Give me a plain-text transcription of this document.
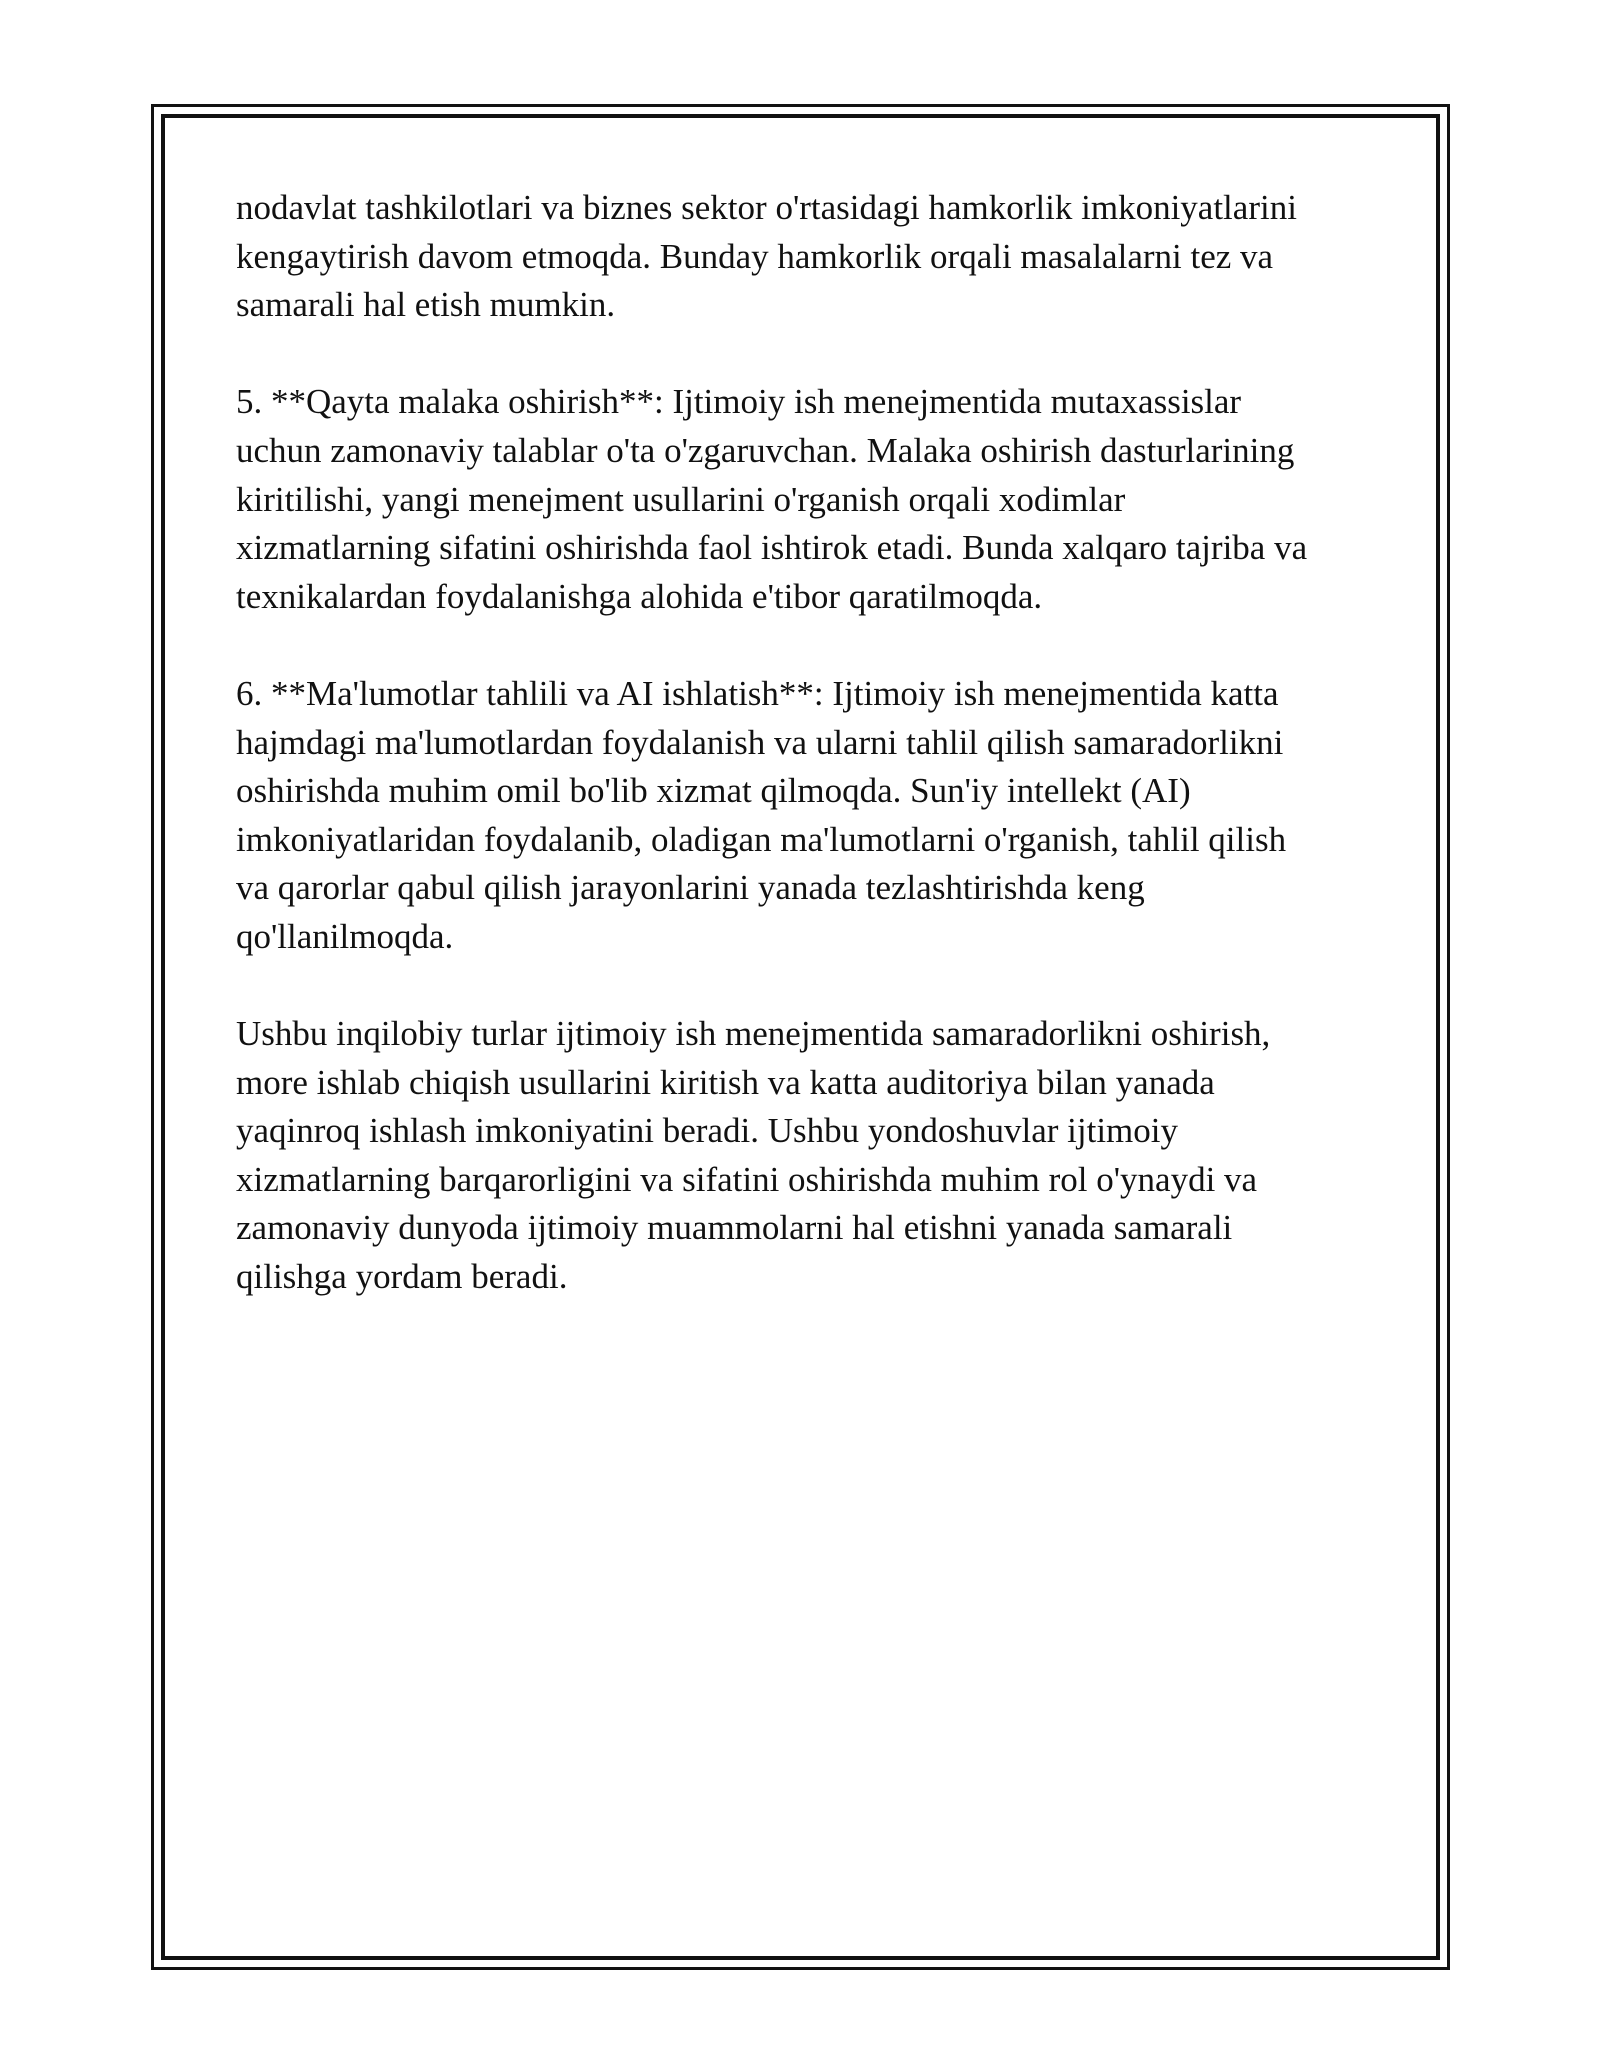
nodavlat tashkilotlari va biznes sektor o'rtasidagi hamkorlik imkoniyatlarini
kengaytirish davom etmoqda. Bunday hamkorlik orqali masalalarni tez va
samarali hal etish mumkin.

5. **Qayta malaka oshirish**: Ijtimoiy ish menejmentida mutaxassislar
uchun zamonaviy talablar o'ta o'zgaruvchan. Malaka oshirish dasturlarining
kiritilishi, yangi menejment usullarini o'rganish orqali xodimlar
xizmatlarning sifatini oshirishda faol ishtirok etadi. Bunda xalqaro tajriba va
texnikalardan foydalanishga alohida e'tibor qaratilmoqda.

6. **Ma'lumotlar tahlili va AI ishlatish**: Ijtimoiy ish menejmentida katta
hajmdagi ma'lumotlardan foydalanish va ularni tahlil qilish samaradorlikni
oshirishda muhim omil bo'lib xizmat qilmoqda. Sun'iy intellekt (AI)
imkoniyatlaridan foydalanib, oladigan ma'lumotlarni o'rganish, tahlil qilish
va qarorlar qabul qilish jarayonlarini yanada tezlashtirishda keng
qo'llanilmoqda.

Ushbu inqilobiy turlar ijtimoiy ish menejmentida samaradorlikni oshirish,
more ishlab chiqish usullarini kiritish va katta auditoriya bilan yanada
yaqinroq ishlash imkoniyatini beradi. Ushbu yondoshuvlar ijtimoiy
xizmatlarning barqarorligini va sifatini oshirishda muhim rol o'ynaydi va
zamonaviy dunyoda ijtimoiy muammolarni hal etishni yanada samarali
qilishga yordam beradi.
